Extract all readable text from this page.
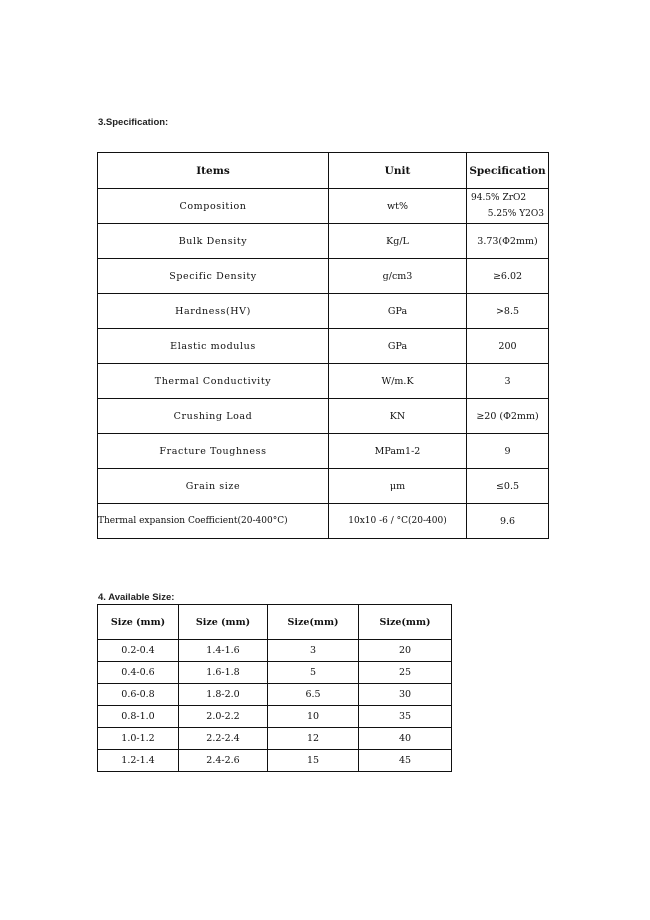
3.Specification:
Items	Unit	Specification
Composition	wt%	94.5% ZrO2
5.25% Y2O3

Bulk Density	Kg/L	3.73(Φ2mm)
Specific Density	g/cm3	≥6.02
Hardness(HV)	GPa	>8.5
Elastic modulus	GPa	200
Thermal Conductivity	W/m.K	3
Crushing Load	KN	≥20 (Φ2mm)
Fracture Toughness	MPam1-2	9
Grain size	μm	≤0.5
Thermal expansion Coefficient(20-400°C)	10x10 -6 / °C(20-400)	9.6
4. Available Size:
Size (mm)	Size (mm)	Size(mm)	Size(mm)
0.2-0.4	1.4-1.6	3	20
0.4-0.6	1.6-1.8	5	25
0.6-0.8	1.8-2.0	6.5	30
0.8-1.0	2.0-2.2	10	35
1.0-1.2	2.2-2.4	12	40
1.2-1.4	2.4-2.6	15	45
